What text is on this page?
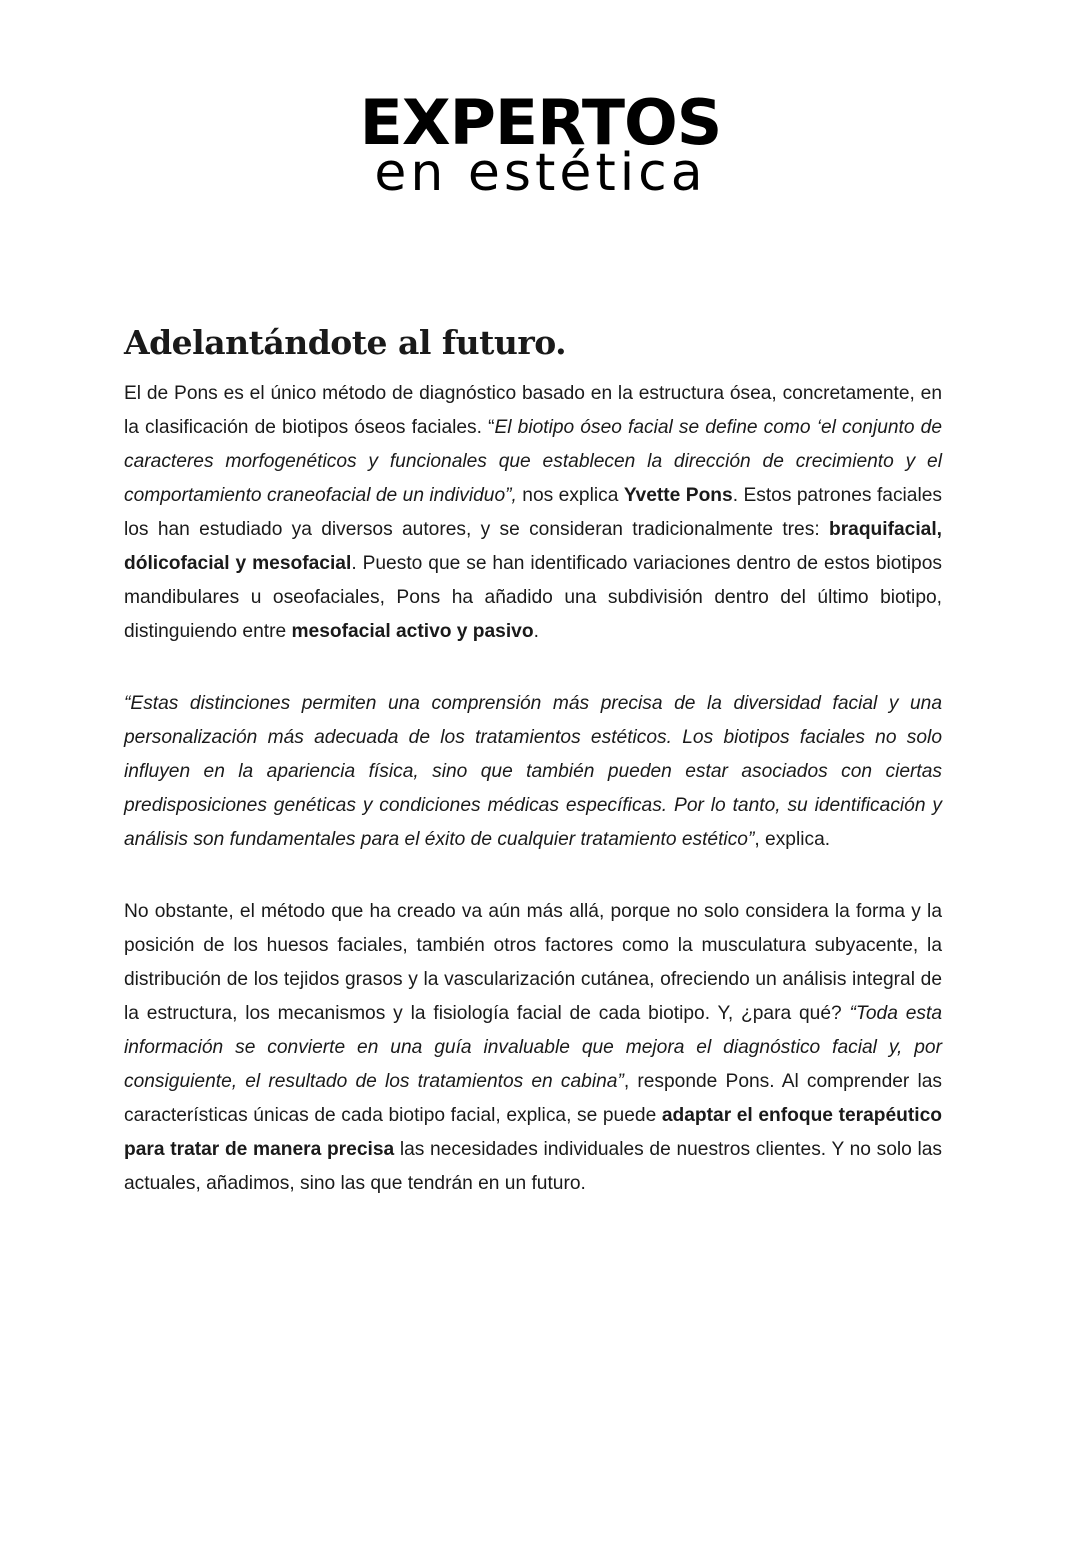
EXPERTOS
en estética
Adelantándote al futuro.

El de Pons es el único método de diagnóstico basado en la estructura ósea, concretamente, en la clasificación de biotipos óseos faciales. “El biotipo óseo facial se define como ‘el conjunto de caracteres morfogenéticos y funcionales que establecen la dirección de crecimiento y el comportamiento craneofacial de un individuo”, nos explica Yvette Pons. Estos patrones faciales los han estudiado ya diversos autores, y se consideran tradicionalmente tres: braquifacial, dólicofacial y mesofacial. Puesto que se han identificado variaciones dentro de estos biotipos mandibulares u oseofaciales, Pons ha añadido una subdivisión dentro del último biotipo, distinguiendo entre mesofacial activo y pasivo.

“Estas distinciones permiten una comprensión más precisa de la diversidad facial y una personalización más adecuada de los tratamientos estéticos. Los biotipos faciales no solo influyen en la apariencia física, sino que también pueden estar asociados con ciertas predisposiciones genéticas y condiciones médicas específicas. Por lo tanto, su identificación y análisis son fundamentales para el éxito de cualquier tratamiento estético”, explica.

No obstante, el método que ha creado va aún más allá, porque no solo considera la forma y la posición de los huesos faciales, también otros factores como la musculatura subyacente, la distribución de los tejidos grasos y la vascularización cutánea, ofreciendo un análisis integral de la estructura, los mecanismos y la fisiología facial de cada biotipo. Y, ¿para qué? “Toda esta información se convierte en una guía invaluable que mejora el diagnóstico facial y, por consiguiente, el resultado de los tratamientos en cabina”, responde Pons. Al comprender las características únicas de cada biotipo facial, explica, se puede adaptar el enfoque terapéutico para tratar de manera precisa las necesidades individuales de nuestros clientes. Y no solo las actuales, añadimos, sino las que tendrán en un futuro.
